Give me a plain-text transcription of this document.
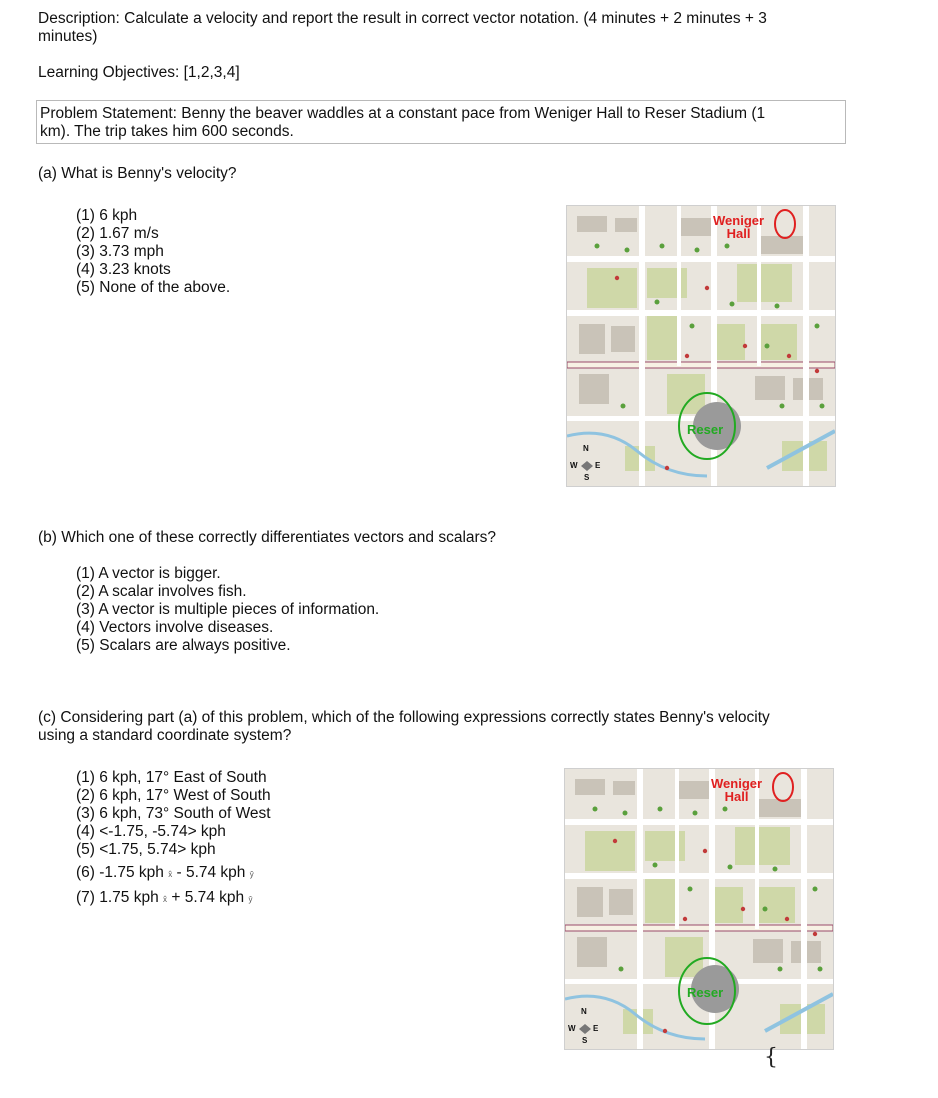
Description: Calculate a velocity and report the result in correct vector notation. (4 minutes + 2 minutes + 3
minutes)
Learning Objectives: [1,2,3,4]
Problem Statement: Benny the beaver waddles at a constant pace from Weniger Hall to Reser Stadium (1
km). The trip takes him 600 seconds.
(a) What is Benny's velocity?
(1) 6 kph
(2) 1.67 m/s
(3) 3.73 mph
(4) 3.23 knots
(5) None of the above.
Weniger
Hall
Reser
N
W E
S
(b) Which one of these correctly differentiates vectors and scalars?
(1) A vector is bigger.
(2) A scalar involves fish.
(3) A vector is multiple pieces of information.
(4) Vectors involve diseases.
(5) Scalars are always positive.
(c) Considering part (a) of this problem, which of the following expressions correctly states Benny's velocity
using a standard coordinate system?
(1) 6 kph, 17° East of South
(2) 6 kph, 17° West of South
(3) 6 kph, 73° South of West
(4) <-1.75, -5.74> kph
(5) <1.75, 5.74> kph
(6) -1.75 kph x̂ - 5.74 kph ŷ
(7) 1.75 kph x̂ + 5.74 kph ŷ
Weniger
Hall
Reser
N
W E
S
{
